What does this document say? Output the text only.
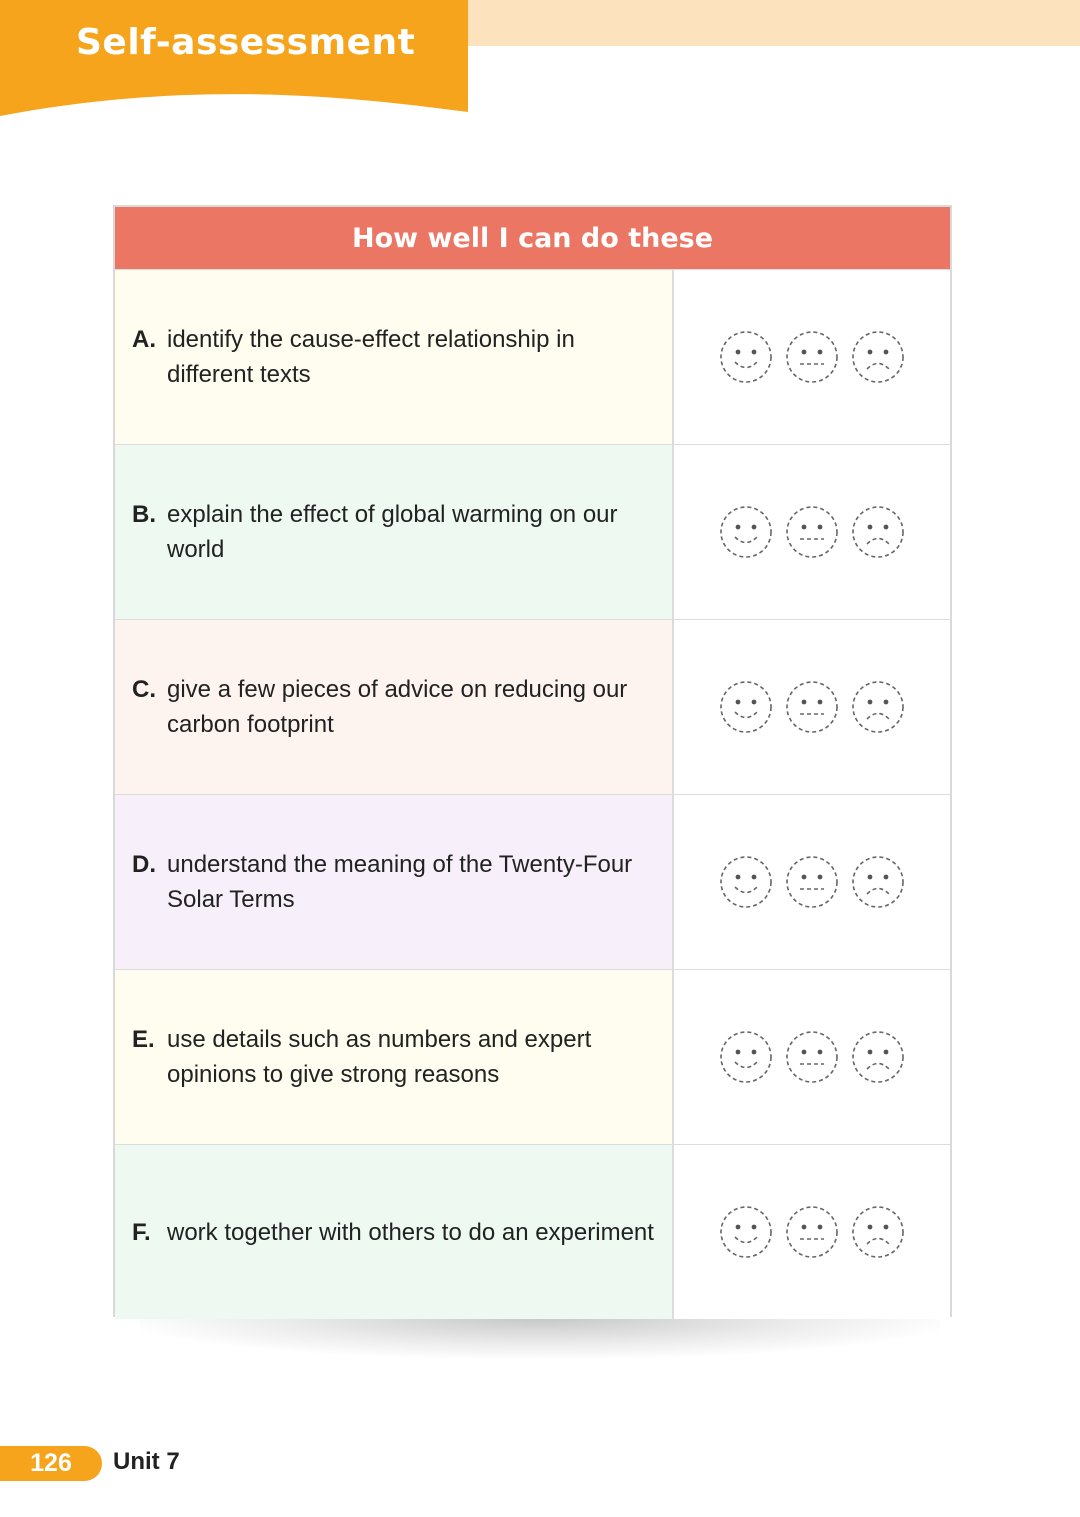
Self-assessment
How well I can do these
A. identify the cause-effect relationship in different texts
B. explain the effect of global warming on our world
C. give a few pieces of advice on reducing our carbon footprint
D. understand the meaning of the Twenty-Four Solar Terms
E. use details such as numbers and expert opinions to give strong reasons
F. work together with others to do an experiment
126	Unit 7
